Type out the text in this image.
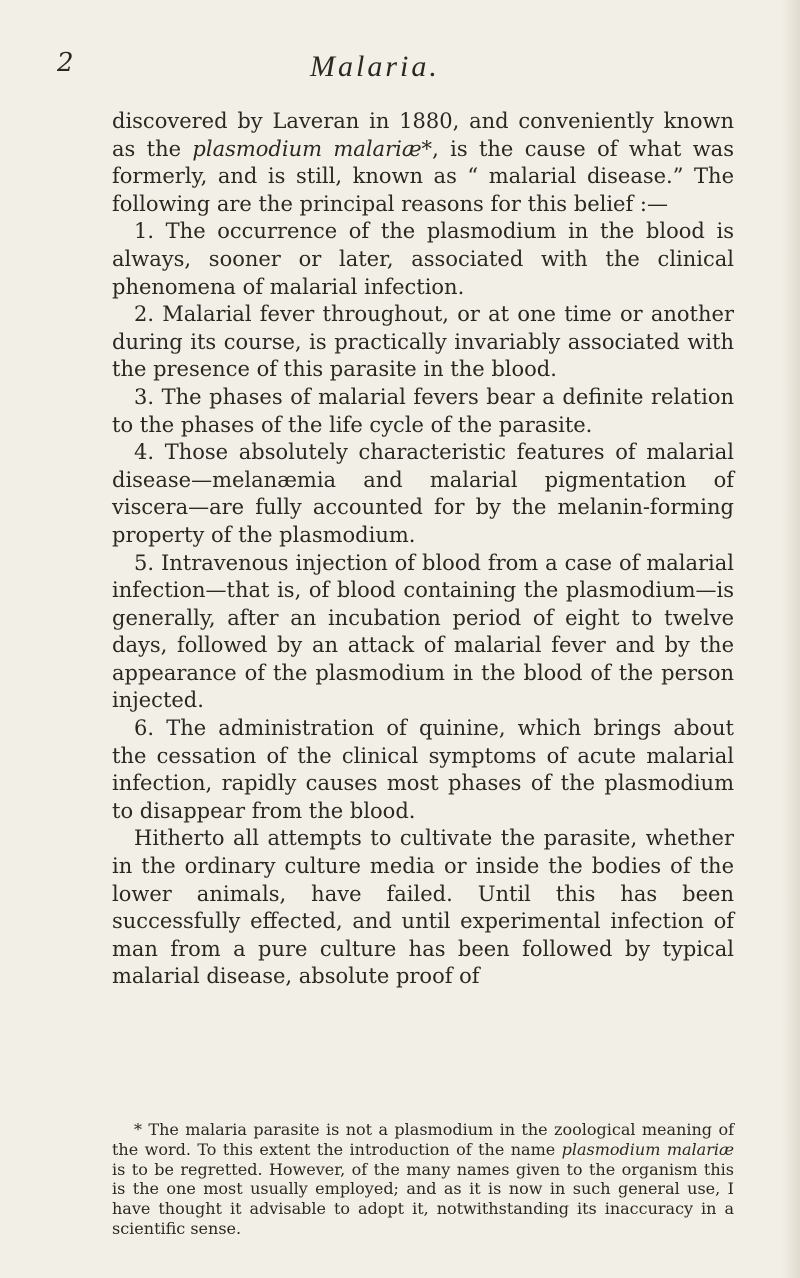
2	Malaria.

discovered by Laveran in 1880, and conveniently known as the plasmodium malariæ*, is the cause of what was formerly, and is still, known as “ malarial disease.” The following are the principal reasons for this belief :—

1. The occurrence of the plasmodium in the blood is always, sooner or later, associated with the clinical phenomena of malarial infection.

2. Malarial fever throughout, or at one time or another during its course, is practically invariably associated with the presence of this parasite in the blood.

3. The phases of malarial fevers bear a definite relation to the phases of the life cycle of the parasite.

4. Those absolutely characteristic features of malarial disease—melanæmia and malarial pigmentation of viscera—are fully accounted for by the melanin-forming property of the plasmodium.

5. Intravenous injection of blood from a case of malarial infection—that is, of blood containing the plasmodium—is generally, after an incubation period of eight to twelve days, followed by an attack of malarial fever and by the appearance of the plasmodium in the blood of the person injected.

6. The administration of quinine, which brings about the cessation of the clinical symptoms of acute malarial infection, rapidly causes most phases of the plasmodium to disappear from the blood.

Hitherto all attempts to cultivate the parasite, whether in the ordinary culture media or inside the bodies of the lower animals, have failed. Until this has been successfully effected, and until experimental infection of man from a pure culture has been followed by typical malarial disease, absolute proof of

* The malaria parasite is not a plasmodium in the zoological meaning of the word. To this extent the introduction of the name plasmodium malariæ is to be regretted. However, of the many names given to the organism this is the one most usually employed; and as it is now in such general use, I have thought it advisable to adopt it, notwithstanding its inaccuracy in a scientific sense.
